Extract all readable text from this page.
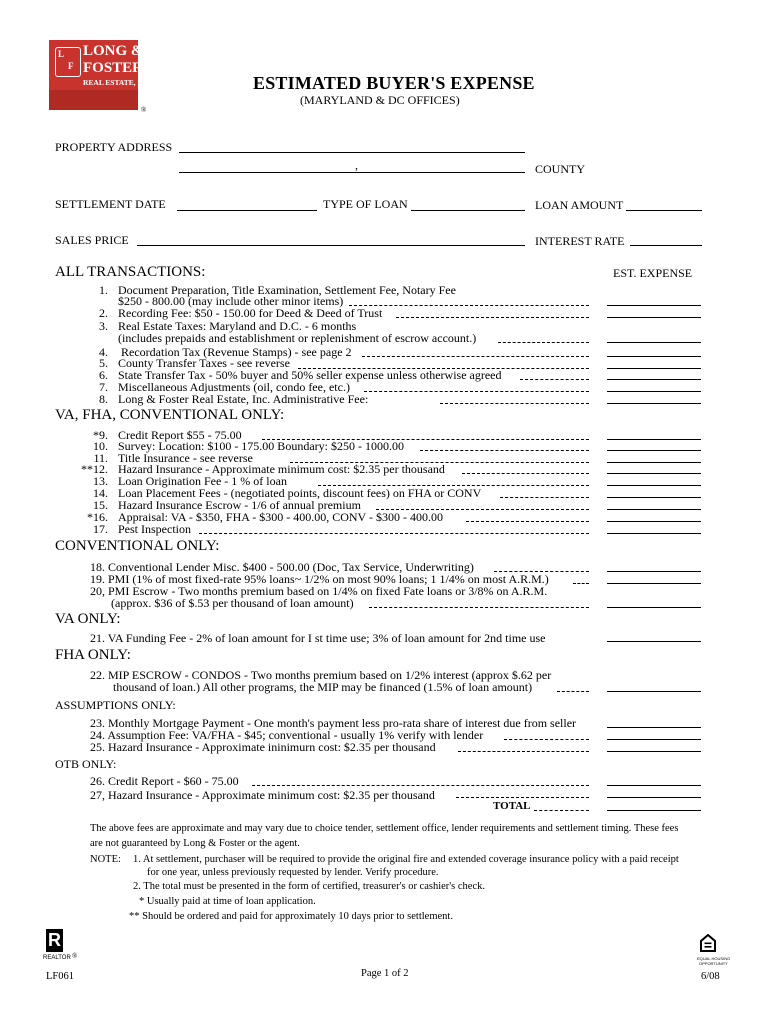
L
F
LONG &
FOSTER
REAL ESTATE, INC.
®
ESTIMATED BUYER'S EXPENSE
(MARYLAND & DC OFFICES)
PROPERTY ADDRESS
,	COUNTY
SETTLEMENT DATE	TYPE OF LOAN	LOAN AMOUNT
SALES PRICE	INTEREST RATE
ALL TRANSACTIONS:	EST. EXPENSE
1. Document Preparation, Title Examination, Settlement Fee, Notary Fee
$250 - 800.00 (may include other minor items)
2. Recording Fee: $50 - 150.00 for Deed & Deed of Trust
3. Real Estate Taxes: Maryland and D.C. - 6 months
(includes prepaids and establishment or replenishment of escrow account.)
4. Recordation Tax (Revenue Stamps) - see page 2
5. County Transfer Taxes - see reverse
6. State Transfer Tax - 50% buyer and 50% seller expense unless otherwise agreed
7. Miscellaneous Adjustments (oil, condo fee, etc.)
8. Long & Foster Real Estate, Inc. Administrative Fee:
VA, FHA, CONVENTIONAL ONLY:
*9. Credit Report $55 - 75.00
10. Survey: Location: $100 - 175.00 Boundary: $250 - 1000.00
11. Title Insurance - see reverse
**12. Hazard Insurance - Approximate minimum cost: $2.35 per thousand
13. Loan Origination Fee - 1 % of loan
14. Loan Placement Fees - (negotiated points, discount fees) on FHA or CONV
15. Hazard Insurance Escrow - 1/6 of annual premium
*16. Appraisal: VA - $350, FHA - $300 - 400.00, CONV - $300 - 400.00
17. Pest Inspection
CONVENTIONAL ONLY:
18. Conventional Lender Misc. $400 - 500.00 (Doc, Tax Service, Underwriting)
19. PMI (1% of most fixed-rate 95% loans~ 1/2% on most 90% loans; 1 1/4% on most A.R.M.)
20, PMI Escrow - Two months premium based on 1/4% on fixed Fate loans or 3/8% on A.R.M.
(approx. $36 of $.53 per thousand of loan amount)
VA ONLY:
21. VA Funding Fee - 2% of loan amount for I st time use; 3% of loan amount for 2nd time use
FHA ONLY:
22. MIP ESCROW - CONDOS - Two months premium based on 1/2% interest (approx $.62 per
thousand of loan.) All other programs, the MIP may be financed (1.5% of loan amount)
ASSUMPTIONS ONLY:
23. Monthly Mortgage Payment - One month's payment less pro-rata share of interest due from seller
24. Assumption Fee: VA/FHA - $45; conventional - usually 1% verify with lender
25. Hazard Insurance - Approximate ininimurn cost: $2.35 per thousand
OTB ONLY:
26. Credit Report - $60 - 75.00
27, Hazard Insurance - Approximate minimum cost: $2.35 per thousand
TOTAL
The above fees are approximate and may vary due to choice tender, settlement office, lender requirements and settlement timing. These fees
are not guaranteed by Long & Foster or the agent.
NOTE: 1. At settlement, purchaser will be required to provide the original fire and extended coverage insurance policy with a paid receipt
for one year, unless previously requested by lender. Verify procedure.
2. The total must be presented in the form of certified, treasurer's or cashier's check.
* Usually paid at time of loan application.
** Should be ordered and paid for approximately 10 days prior to settlement.
R
REALTOR ®	EQUAL HOUSING
OPPORTUNITY
LF061	Page 1 of 2	6/08
